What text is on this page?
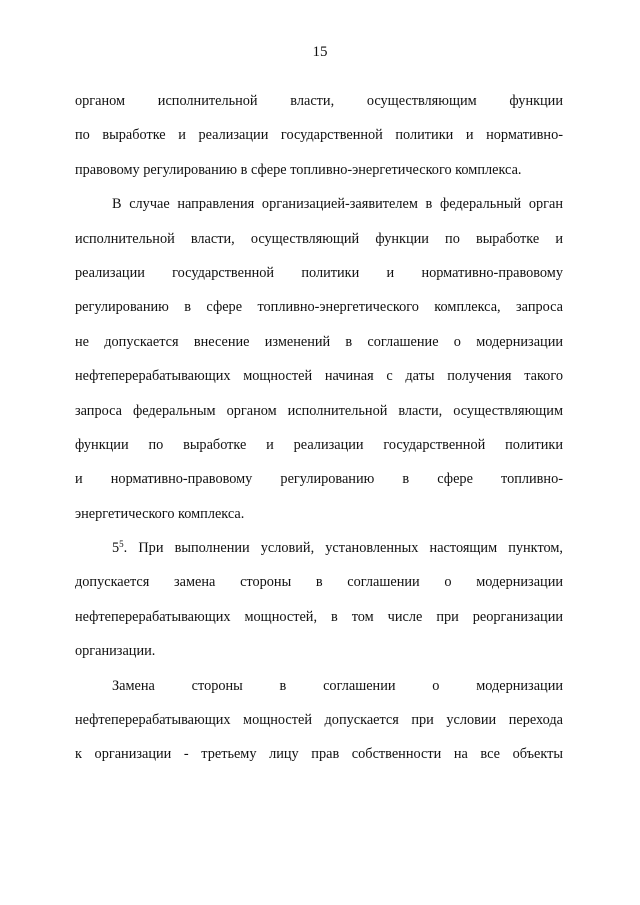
15
органом исполнительной власти, осуществляющим функции
по выработке и реализации государственной политики и нормативно-
правовому регулированию в сфере топливно-энергетического комплекса.
В случае направления организацией-заявителем в федеральный орган
исполнительной власти, осуществляющий функции по выработке и
реализации государственной политики и нормативно-правовому
регулированию в сфере топливно-энергетического комплекса, запроса
не допускается внесение изменений в соглашение о модернизации
нефтеперерабатывающих мощностей начиная с даты получения такого
запроса федеральным органом исполнительной власти, осуществляющим
функции по выработке и реализации государственной политики
и нормативно-правовому регулированию в сфере топливно-
энергетического комплекса.
$5^5$. При выполнении условий, установленных настоящим пунктом,
допускается замена стороны в соглашении о модернизации
нефтеперерабатывающих мощностей, в том числе при реорганизации
организации.
Замена стороны в соглашении о модернизации
нефтеперерабатывающих мощностей допускается при условии перехода
к организации - третьему лицу прав собственности на все объекты
